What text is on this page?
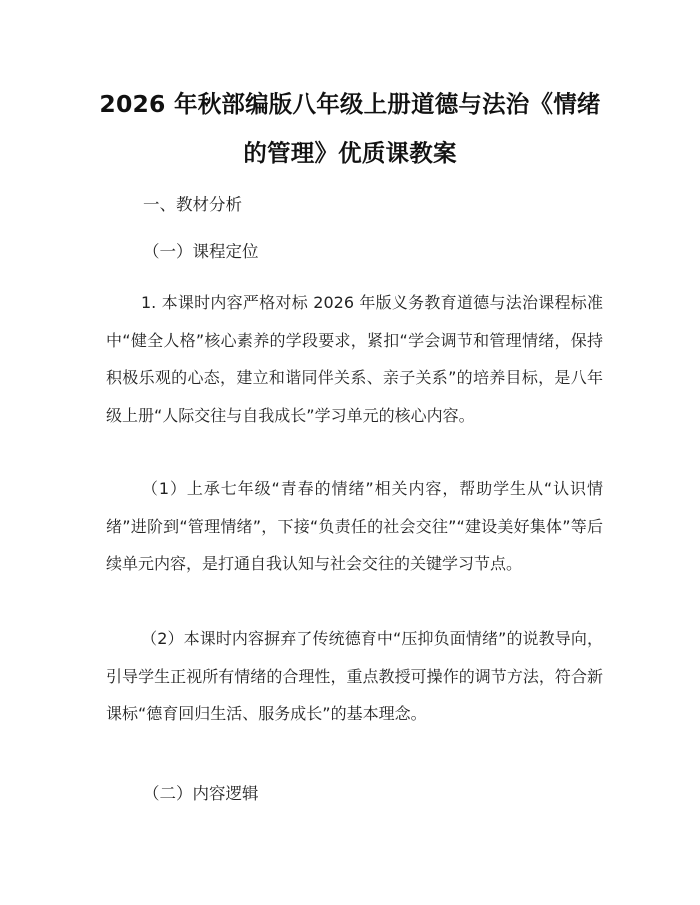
2026 年秋部编版八年级上册道德与法治《情绪的管理》优质课教案
一、教材分析
（一）课程定位
1. 本课时内容严格对标 2026 年版义务教育道德与法治课程标准中“健全人格”核心素养的学段要求，紧扣“学会调节和管理情绪，保持积极乐观的心态，建立和谐同伴关系、亲子关系”的培养目标，是八年级上册“人际交往与自我成长”学习单元的核心内容。
（1）上承七年级“青春的情绪”相关内容，帮助学生从“认识情绪”进阶到“管理情绪”，下接“负责任的社会交往”“建设美好集体”等后续单元内容，是打通自我认知与社会交往的关键学习节点。
（2）本课时内容摒弃了传统德育中“压抑负面情绪”的说教导向，引导学生正视所有情绪的合理性，重点教授可操作的调节方法，符合新课标“德育回归生活、服务成长”的基本理念。
（二）内容逻辑
